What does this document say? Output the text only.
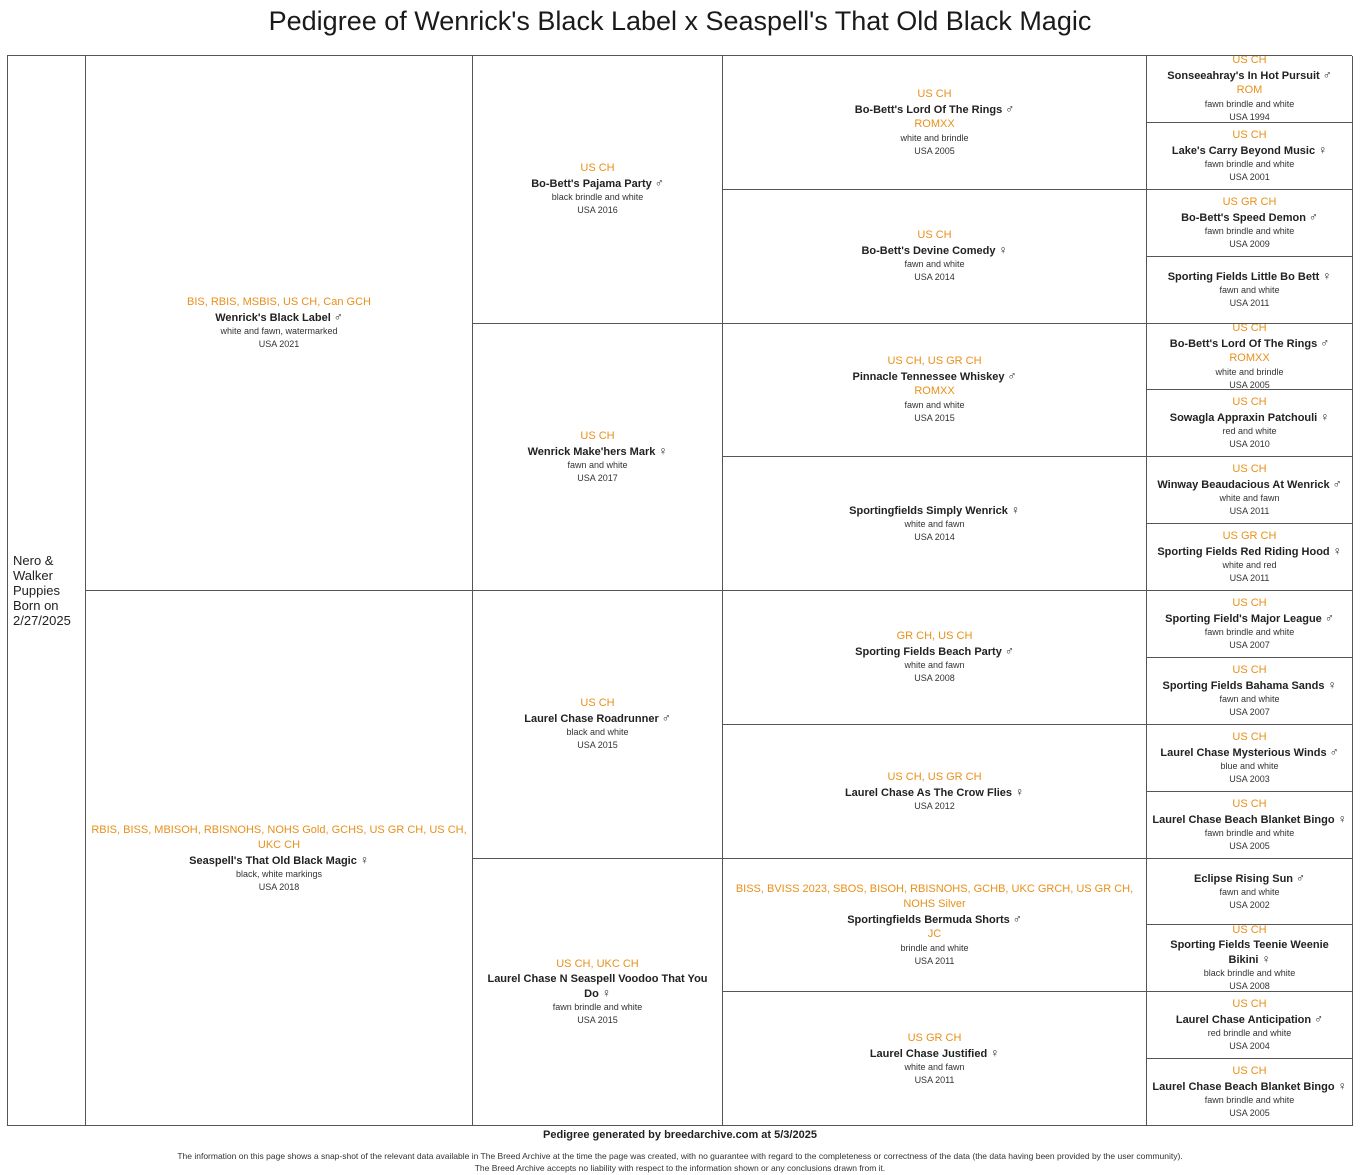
Pedigree of Wenrick's Black Label x Seaspell's That Old Black Magic
Nero &
Walker
Puppies
Born on
2/27/2025
BIS, RBIS, MSBIS, US CH, Can GCH
Wenrick's Black Label ♂
white and fawn, watermarked
USA 2021
RBIS, BISS, MBISOH, RBISNOHS, NOHS Gold, GCHS, US GR CH, US CH, UKC CH
Seaspell's That Old Black Magic ♀
black, white markings
USA 2018
US CH
Bo-Bett's Pajama Party ♂
black brindle and white
USA 2016
US CH
Wenrick Make'hers Mark ♀
fawn and white
USA 2017
US CH
Laurel Chase Roadrunner ♂
black and white
USA 2015
US CH, UKC CH
Laurel Chase N Seaspell Voodoo That You Do ♀
fawn brindle and white
USA 2015
US CH
Bo-Bett's Lord Of The Rings ♂
ROMXX
white and brindle
USA 2005
US CH
Bo-Bett's Devine Comedy ♀
fawn and white
USA 2014
US CH, US GR CH
Pinnacle Tennessee Whiskey ♂
ROMXX
fawn and white
USA 2015
Sportingfields Simply Wenrick ♀
white and fawn
USA 2014
GR CH, US CH
Sporting Fields Beach Party ♂
white and fawn
USA 2008
US CH, US GR CH
Laurel Chase As The Crow Flies ♀
USA 2012
BISS, BVISS 2023, SBOS, BISOH, RBISNOHS, GCHB, UKC GRCH, US GR CH, NOHS Silver
Sportingfields Bermuda Shorts ♂
JC
brindle and white
USA 2011
US GR CH
Laurel Chase Justified ♀
white and fawn
USA 2011
US CH
Sonseeahray's In Hot Pursuit ♂
ROM
fawn brindle and white
USA 1994
US CH
Lake's Carry Beyond Music ♀
fawn brindle and white
USA 2001
US GR CH
Bo-Bett's Speed Demon ♂
fawn brindle and white
USA 2009
Sporting Fields Little Bo Bett ♀
fawn and white
USA 2011
US CH
Bo-Bett's Lord Of The Rings ♂
ROMXX
white and brindle
USA 2005
US CH
Sowagla Appraxin Patchouli ♀
red and white
USA 2010
US CH
Winway Beaudacious At Wenrick ♂
white and fawn
USA 2011
US GR CH
Sporting Fields Red Riding Hood ♀
white and red
USA 2011
US CH
Sporting Field's Major League ♂
fawn brindle and white
USA 2007
US CH
Sporting Fields Bahama Sands ♀
fawn and white
USA 2007
US CH
Laurel Chase Mysterious Winds ♂
blue and white
USA 2003
US CH
Laurel Chase Beach Blanket Bingo ♀
fawn brindle and white
USA 2005
Eclipse Rising Sun ♂
fawn and white
USA 2002
US CH
Sporting Fields Teenie Weenie Bikini ♀
black brindle and white
USA 2008
US CH
Laurel Chase Anticipation ♂
red brindle and white
USA 2004
US CH
Laurel Chase Beach Blanket Bingo ♀
fawn brindle and white
USA 2005
Pedigree generated by breedarchive.com at 5/3/2025
The information on this page shows a snap-shot of the relevant data available in The Breed Archive at the time the page was created, with no guarantee with regard to the completeness or correctness of the data (the data having been provided by the user community). The Breed Archive accepts no liability with respect to the information shown or any conclusions drawn from it.
